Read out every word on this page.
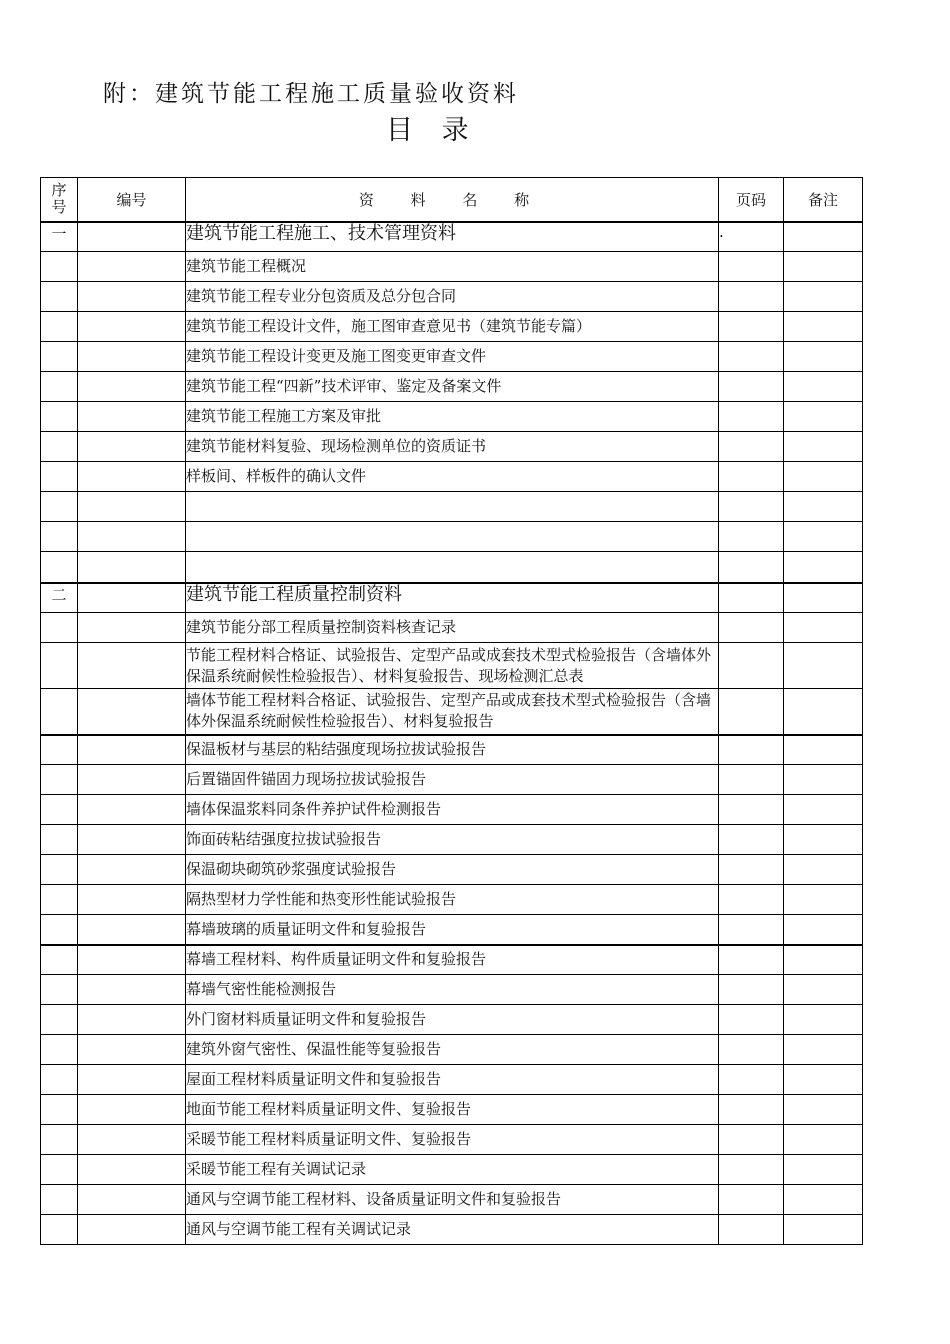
附：建筑节能工程施工质量验收资料
目 录
序号	编号	资 料 名 称	页码	备注
一		建筑节能工程施工、技术管理资料	.	
		建筑节能工程概况		
		建筑节能工程专业分包资质及总分包合同		
		建筑节能工程设计文件，施工图审查意见书（建筑节能专篇）		
		建筑节能工程设计变更及施工图变更审查文件		
		建筑节能工程“四新”技术评审、鉴定及备案文件		
		建筑节能工程施工方案及审批		
		建筑节能材料复验、现场检测单位的资质证书		
		样板间、样板件的确认文件		

二		建筑节能工程质量控制资料		
		建筑节能分部工程质量控制资料核查记录		
		节能工程材料合格证、试验报告、定型产品或成套技术型式检验报告（含墙体外保温系统耐候性检验报告）、材料复验报告、现场检测汇总表		
		墙体节能工程材料合格证、试验报告、定型产品或成套技术型式检验报告（含墙体外保温系统耐候性检验报告）、材料复验报告		
		保温板材与基层的粘结强度现场拉拔试验报告		
		后置锚固件锚固力现场拉拔试验报告		
		墙体保温浆料同条件养护试件检测报告		
		饰面砖粘结强度拉拔试验报告		
		保温砌块砌筑砂浆强度试验报告		
		隔热型材力学性能和热变形性能试验报告		
		幕墙玻璃的质量证明文件和复验报告		
		幕墙工程材料、构件质量证明文件和复验报告		
		幕墙气密性能检测报告		
		外门窗材料质量证明文件和复验报告		
		建筑外窗气密性、保温性能等复验报告		
		屋面工程材料质量证明文件和复验报告		
		地面节能工程材料质量证明文件、复验报告		
		采暖节能工程材料质量证明文件、复验报告		
		采暖节能工程有关调试记录		
		通风与空调节能工程材料、设备质量证明文件和复验报告		
		通风与空调节能工程有关调试记录		
